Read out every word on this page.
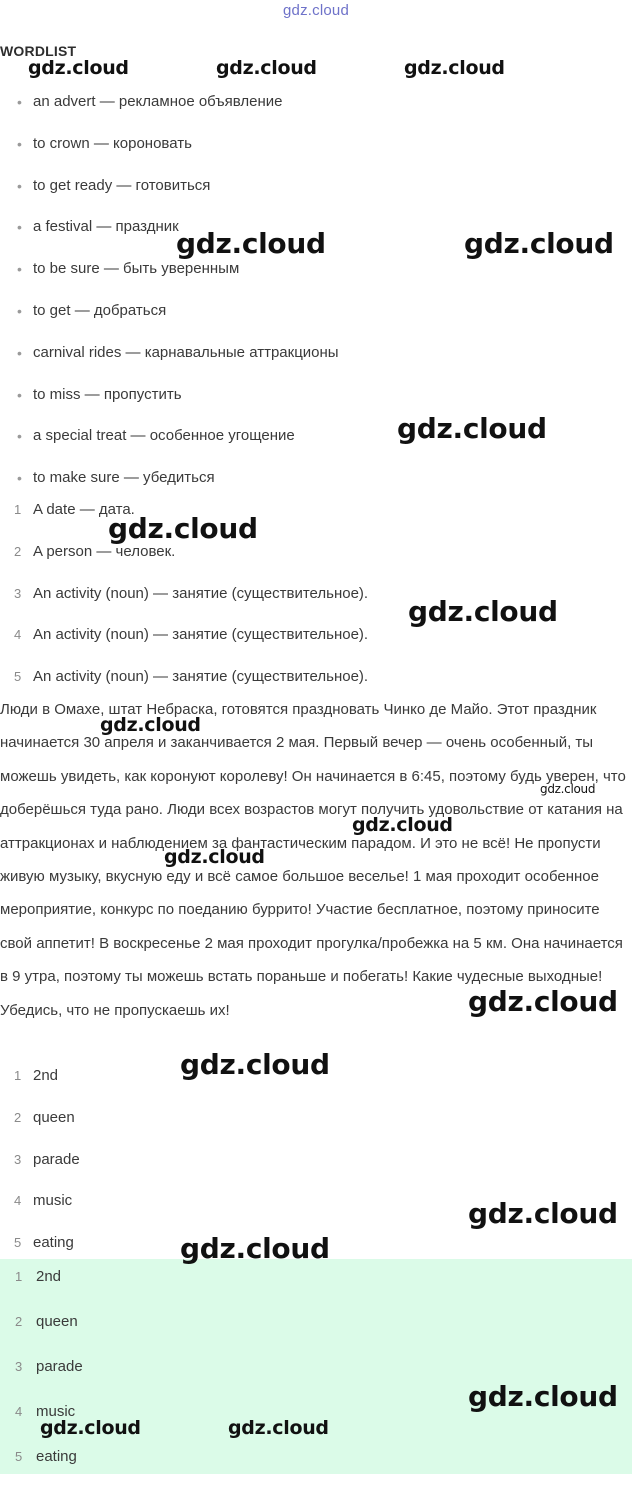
gdz.cloud
WORDLIST
• an advert — рекламное объявление
• to crown — короновать
• to get ready — готовиться
• a festival — праздник
• to be sure — быть уверенным
• to get — добраться
• carnival rides — карнавальные аттракционы
• to miss — пропустить
• a special treat — особенное угощение
• to make sure — убедиться
1 A date — дата.
2 A person — человек.
3 An activity (noun) — занятие (существительное).
4 An activity (noun) — занятие (существительное).
5 An activity (noun) — занятие (существительное).
Люди в Омахе, штат Небраска, готовятся праздновать Чинко де Майо. Этот праздник начинается 30 апреля и заканчивается 2 мая. Первый вечер — очень особенный, ты можешь увидеть, как коронуют королеву! Он начинается в 6:45, поэтому будь уверен, что доберёшься туда рано. Люди всех возрастов могут получить удовольствие от катания на аттракционах и наблюдением за фантастическим парадом. И это не всё! Не пропусти живую музыку, вкусную еду и всё самое большое веселье! 1 мая проходит особенное мероприятие, конкурс по поеданию буррито! Участие бесплатное, поэтому приносите свой аппетит! В воскресенье 2 мая проходит прогулка/пробежка на 5 км. Она начинается в 9 утра, поэтому ты можешь встать пораньше и побегать! Какие чудесные выходные! Убедись, что не пропускаешь их!
1 2nd
2 queen
3 parade
4 music
5 eating
1 2nd
2 queen
3 parade
4 music
5 eating
gdz.cloud	gdz.cloud	gdz.cloud
gdz.cloud	gdz.cloud
gdz.cloud
gdz.cloud
gdz.cloud
gdz.cloud
gdz.cloud
gdz.cloud
gdz.cloud
gdz.cloud
gdz.cloud
gdz.cloud
gdz.cloud
gdz.cloud
gdz.cloud	gdz.cloud
